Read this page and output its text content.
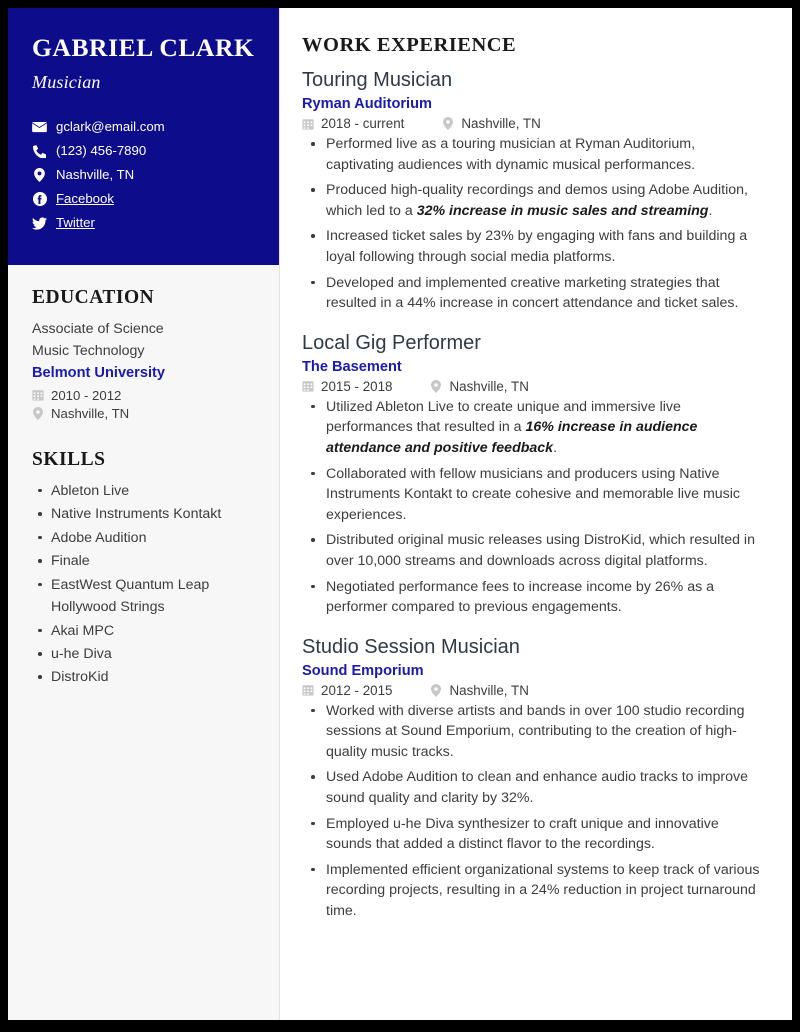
GABRIEL CLARK
Musician
gclark@email.com
(123) 456-7890
Nashville, TN
Facebook
Twitter
EDUCATION
Associate of Science
Music Technology
Belmont University
2010 - 2012
Nashville, TN
SKILLS
Ableton Live
Native Instruments Kontakt
Adobe Audition
Finale
EastWest Quantum Leap Hollywood Strings
Akai MPC
u-he Diva
DistroKid
WORK EXPERIENCE
Touring Musician
Ryman Auditorium
2018 - current	Nashville, TN
Performed live as a touring musician at Ryman Auditorium, captivating audiences with dynamic musical performances.
Produced high-quality recordings and demos using Adobe Audition, which led to a 32% increase in music sales and streaming.
Increased ticket sales by 23% by engaging with fans and building a loyal following through social media platforms.
Developed and implemented creative marketing strategies that resulted in a 44% increase in concert attendance and ticket sales.
Local Gig Performer
The Basement
2015 - 2018	Nashville, TN
Utilized Ableton Live to create unique and immersive live performances that resulted in a 16% increase in audience attendance and positive feedback.
Collaborated with fellow musicians and producers using Native Instruments Kontakt to create cohesive and memorable live music experiences.
Distributed original music releases using DistroKid, which resulted in over 10,000 streams and downloads across digital platforms.
Negotiated performance fees to increase income by 26% as a performer compared to previous engagements.
Studio Session Musician
Sound Emporium
2012 - 2015	Nashville, TN
Worked with diverse artists and bands in over 100 studio recording sessions at Sound Emporium, contributing to the creation of high-quality music tracks.
Used Adobe Audition to clean and enhance audio tracks to improve sound quality and clarity by 32%.
Employed u-he Diva synthesizer to craft unique and innovative sounds that added a distinct flavor to the recordings.
Implemented efficient organizational systems to keep track of various recording projects, resulting in a 24% reduction in project turnaround time.
